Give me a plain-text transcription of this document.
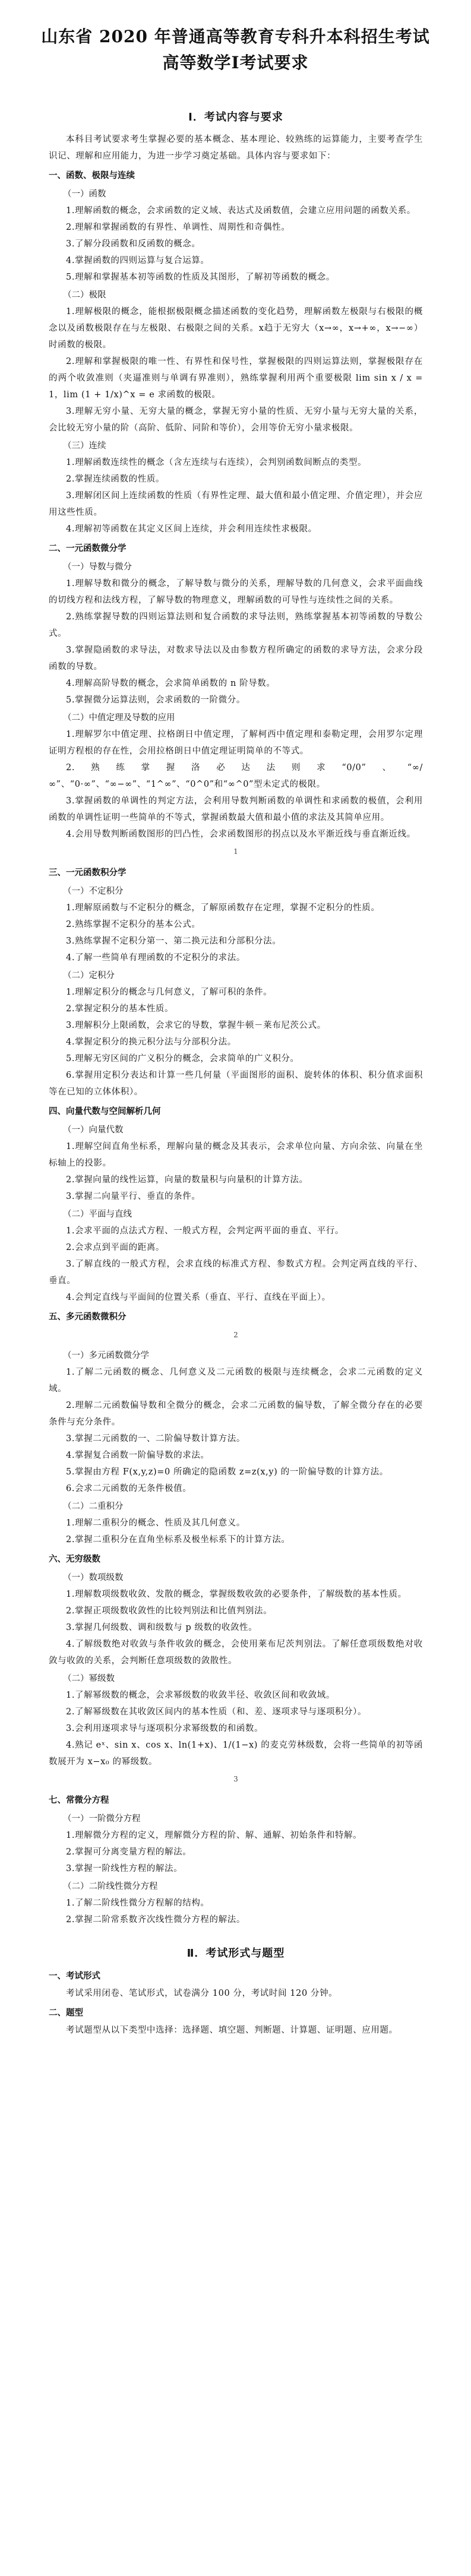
山东省 2020 年普通高等教育专科升本科招生考试
高等数学Ⅰ考试要求
Ⅰ．考试内容与要求

本科目考试要求考生掌握必要的基本概念、基本理论、较熟练的运算能力，主要考查学生识记、理解和应用能力，为进一步学习奠定基础。具体内容与要求如下：

一、函数、极限与连续
（一）函数

1.理解函数的概念，会求函数的定义域、表达式及函数值，会建立应用问题的函数关系。

2.理解和掌握函数的有界性、单调性、周期性和奇偶性。

3.了解分段函数和反函数的概念。

4.掌握函数的四则运算与复合运算。

5.理解和掌握基本初等函数的性质及其图形，了解初等函数的概念。

（二）极限

1.理解极限的概念，能根据极限概念描述函数的变化趋势，理解函数左极限与右极限的概念以及函数极限存在与左极限、右极限之间的关系。x趋于无穷大（x→∞，x→+∞，x→−∞）时函数的极限。

2.理解和掌握极限的唯一性、有界性和保号性，掌握极限的四则运算法则，掌握极限存在的两个收敛准则（夹逼准则与单调有界准则），熟练掌握利用两个重要极限 lim sin x / x = 1，lim (1 + 1/x)^x = e 求函数的极限。

3.理解无穷小量、无穷大量的概念，掌握无穷小量的性质、无穷小量与无穷大量的关系，会比较无穷小量的阶（高阶、低阶、同阶和等价），会用等价无穷小量求极限。

（三）连续

1.理解函数连续性的概念（含左连续与右连续），会判别函数间断点的类型。

2.掌握连续函数的性质。

3.理解闭区间上连续函数的性质（有界性定理、最大值和最小值定理、介值定理），并会应用这些性质。

4.理解初等函数在其定义区间上连续，并会利用连续性求极限。

二、一元函数微分学
（一）导数与微分

1.理解导数和微分的概念，了解导数与微分的关系，理解导数的几何意义，会求平面曲线的切线方程和法线方程，了解导数的物理意义，理解函数的可导性与连续性之间的关系。

2.熟练掌握导数的四则运算法则和复合函数的求导法则，熟练掌握基本初等函数的导数公式。

3.掌握隐函数的求导法，对数求导法以及由参数方程所确定的函数的求导方法，会求分段函数的导数。

4.理解高阶导数的概念，会求简单函数的 n 阶导数。

5.掌握微分运算法则，会求函数的一阶微分。

（二）中值定理及导数的应用

1.理解罗尔中值定理、拉格朗日中值定理，了解柯西中值定理和泰勒定理，会用罗尔定理证明方程根的存在性，会用拉格朗日中值定理证明简单的不等式。

2.熟练掌握洛必达法则求“0/0”、“∞/∞”、“0·∞”、“∞−∞”、“1^∞”、“0^0”和“∞^0”型未定式的极限。

3.掌握函数的单调性的判定方法，会利用导数判断函数的单调性和求函数的极值，会利用函数的单调性证明一些简单的不等式，掌握函数最大值和最小值的求法及其简单应用。

4.会用导数判断函数图形的凹凸性，会求函数图形的拐点以及水平渐近线与垂直渐近线。

1
三、一元函数积分学
（一）不定积分

1.理解原函数与不定积分的概念，了解原函数存在定理，掌握不定积分的性质。

2.熟练掌握不定积分的基本公式。

3.熟练掌握不定积分第一、第二换元法和分部积分法。

4.了解一些简单有理函数的不定积分的求法。

（二）定积分

1.理解定积分的概念与几何意义，了解可积的条件。

2.掌握定积分的基本性质。

3.理解积分上限函数，会求它的导数，掌握牛顿－莱布尼茨公式。

4.掌握定积分的换元积分法与分部积分法。

5.理解无穷区间的广义积分的概念，会求简单的广义积分。

6.掌握用定积分表达和计算一些几何量（平面图形的面积、旋转体的体积、积分值求面积等在已知的立体体积）。

四、向量代数与空间解析几何
（一）向量代数

1.理解空间直角坐标系，理解向量的概念及其表示，会求单位向量、方向余弦、向量在坐标轴上的投影。

2.掌握向量的线性运算，向量的数量积与向量积的计算方法。

3.掌握二向量平行、垂直的条件。

（二）平面与直线

1.会求平面的点法式方程、一般式方程，会判定两平面的垂直、平行。

2.会求点到平面的距离。

3.了解直线的一般式方程，会求直线的标准式方程、参数式方程。会判定两直线的平行、垂直。

4.会判定直线与平面间的位置关系（垂直、平行、直线在平面上）。

五、多元函数微积分
2
（一）多元函数微分学

1.了解二元函数的概念、几何意义及二元函数的极限与连续概念，会求二元函数的定义域。

2.理解二元函数偏导数和全微分的概念，会求二元函数的偏导数，了解全微分存在的必要条件与充分条件。

3.掌握二元函数的一、二阶偏导数计算方法。

4.掌握复合函数一阶偏导数的求法。

5.掌握由方程 F(x,y,z)=0 所确定的隐函数 z=z(x,y) 的一阶偏导数的计算方法。

6.会求二元函数的无条件极值。

（二）二重积分

1.理解二重积分的概念、性质及其几何意义。

2.掌握二重积分在直角坐标系及极坐标系下的计算方法。

六、无穷级数
（一）数项级数

1.理解数项级数收敛、发散的概念，掌握级数收敛的必要条件，了解级数的基本性质。

2.掌握正项级数收敛性的比较判别法和比值判别法。

3.掌握几何级数、调和级数与 p 级数的收敛性。

4.了解级数绝对收敛与条件收敛的概念，会使用莱布尼茨判别法。了解任意项级数绝对收敛与收敛的关系，会判断任意项级数的敛散性。

（二）幂级数

1.了解幂级数的概念，会求幂级数的收敛半径、收敛区间和收敛域。

2.了解幂级数在其收敛区间内的基本性质（和、差、逐项求导与逐项积分）。

3.会利用逐项求导与逐项积分求幂级数的和函数。

4.熟记 eˣ、sin x、cos x、ln(1+x)、1/(1−x) 的麦克劳林级数，会将一些简单的初等函数展开为 x−x₀ 的幂级数。

3
七、常微分方程
（一）一阶微分方程

1.理解微分方程的定义，理解微分方程的阶、解、通解、初始条件和特解。

2.掌握可分离变量方程的解法。

3.掌握一阶线性方程的解法。

（二）二阶线性微分方程

1.了解二阶线性微分方程解的结构。

2.掌握二阶常系数齐次线性微分方程的解法。

Ⅱ．考试形式与题型
一、考试形式

考试采用闭卷、笔试形式，试卷满分 100 分，考试时间 120 分钟。

二、题型

考试题型从以下类型中选择：选择题、填空题、判断题、计算题、证明题、应用题。
